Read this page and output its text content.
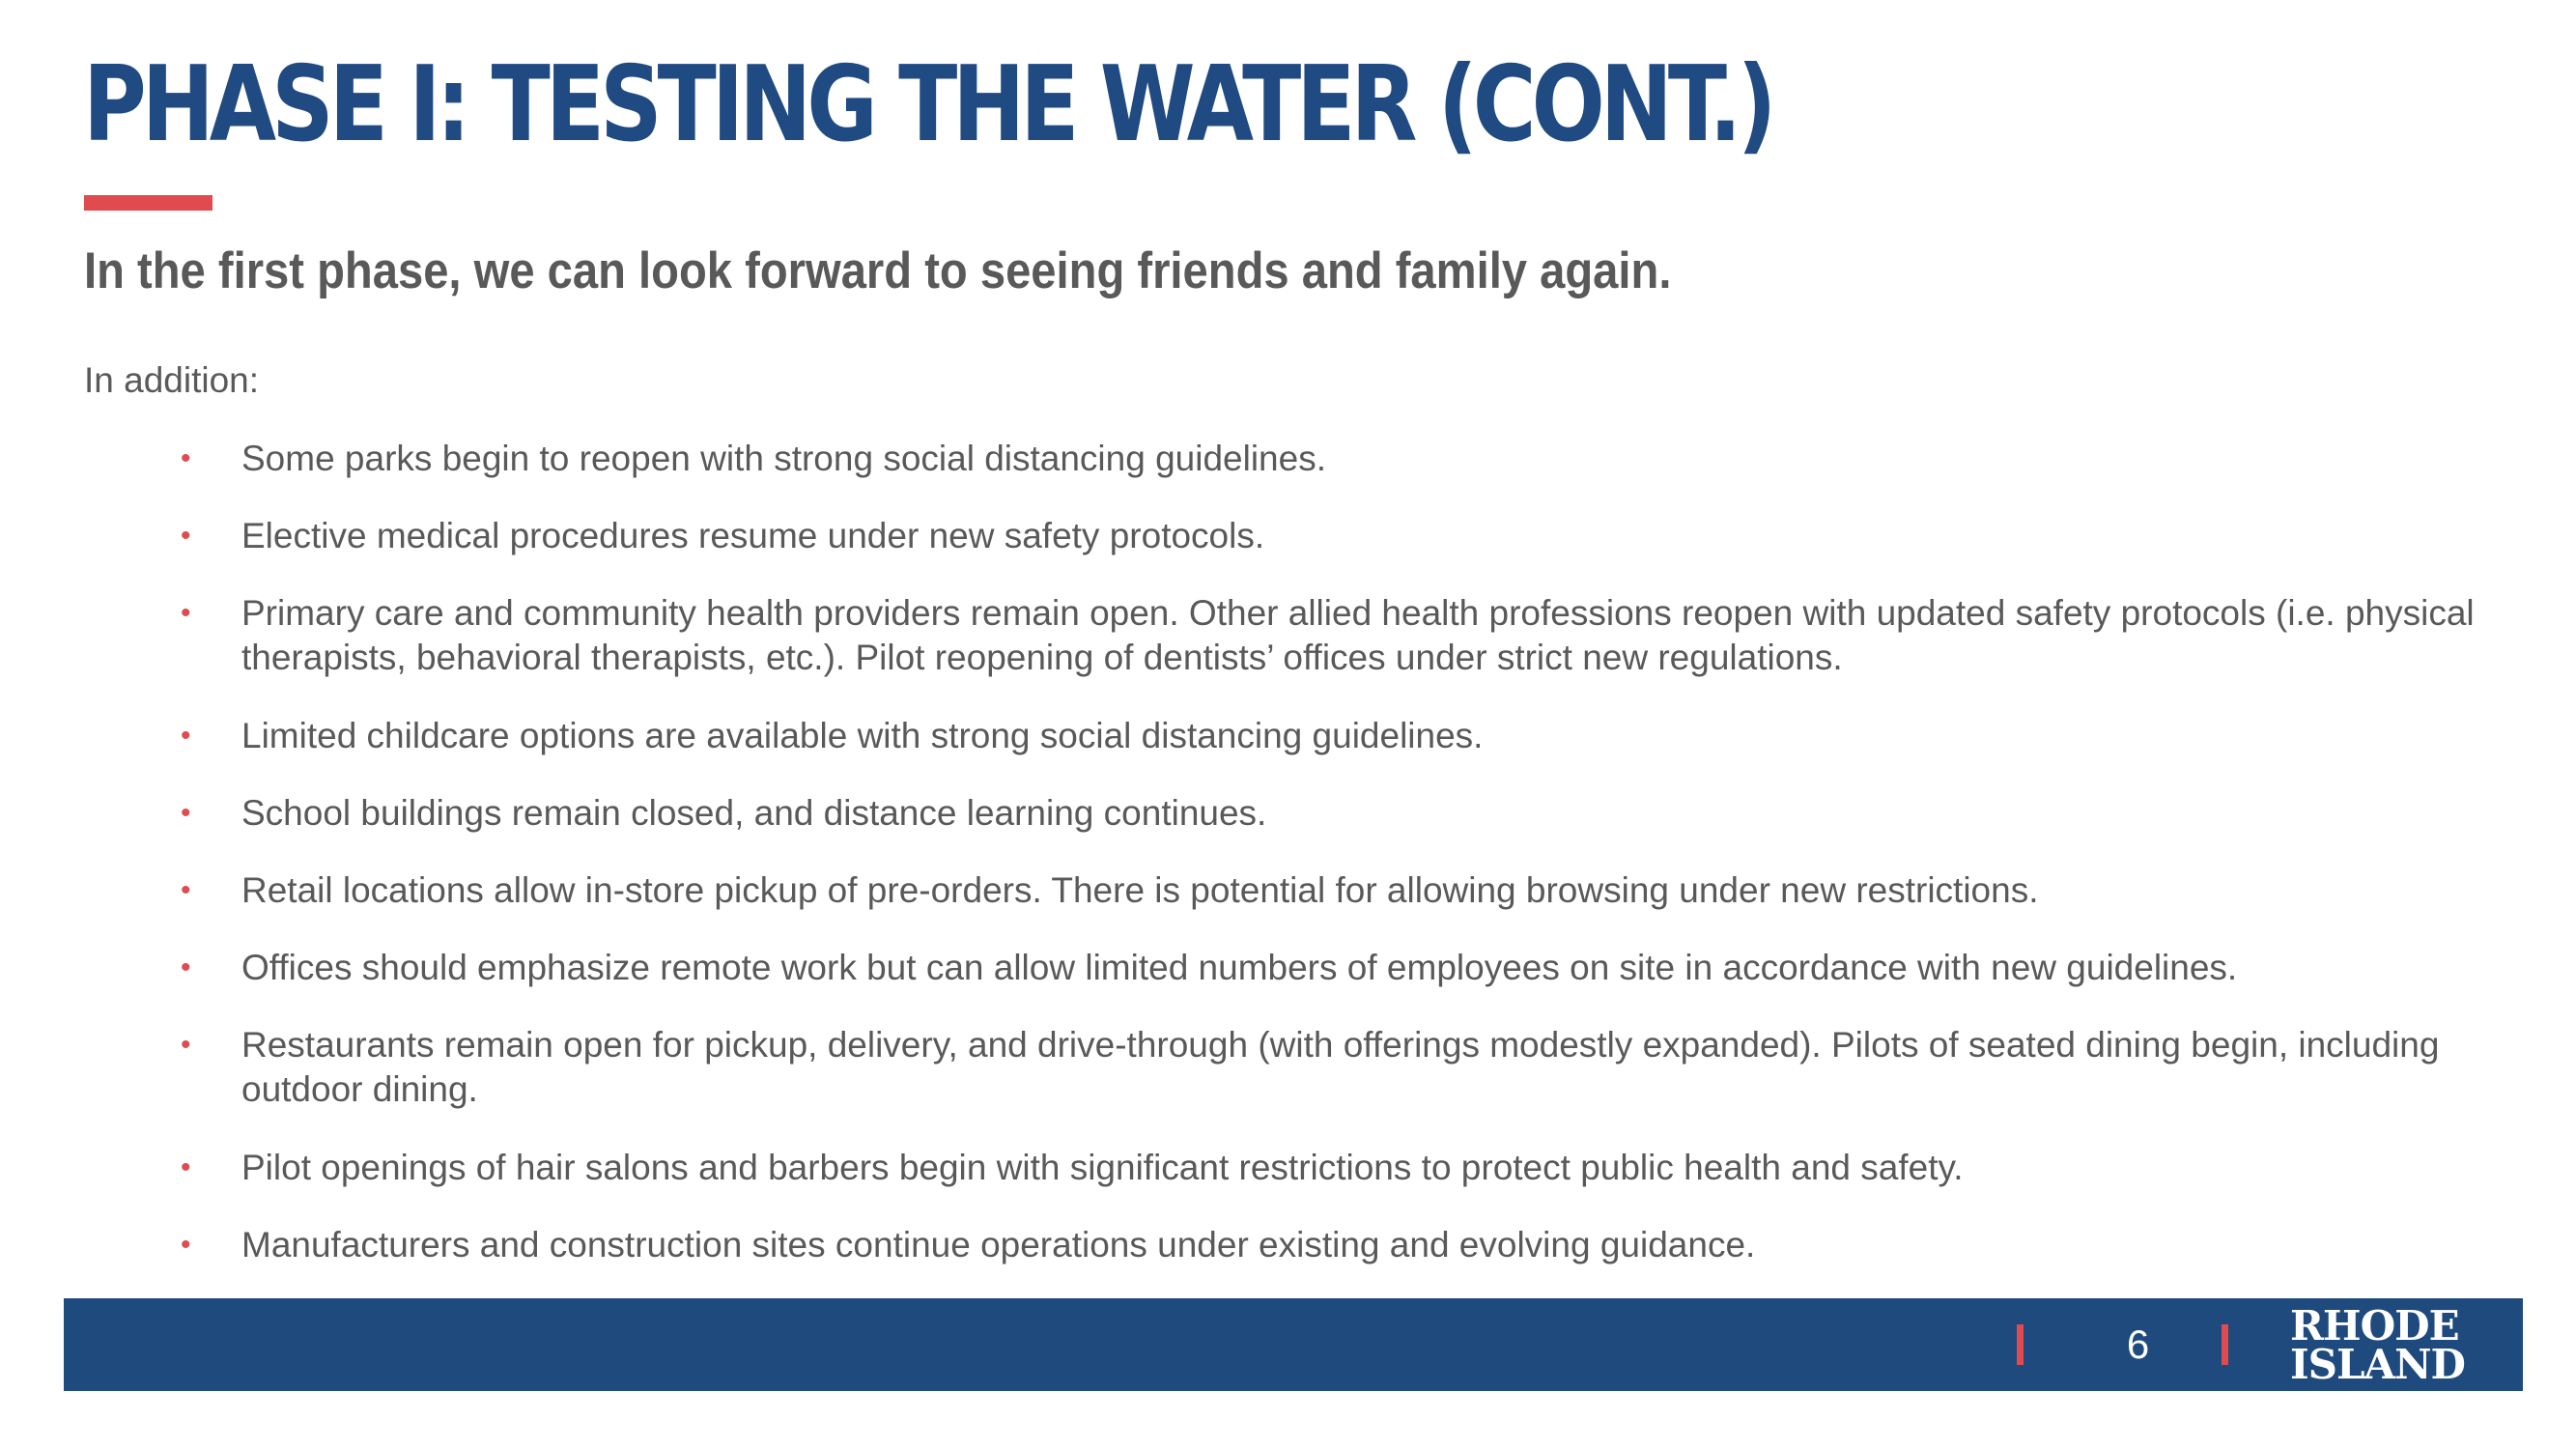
PHASE I: TESTING THE WATER (CONT.)
In the first phase, we can look forward to seeing friends and family again.

In addition:

• Some parks begin to reopen with strong social distancing guidelines.
• Elective medical procedures resume under new safety protocols.
• Primary care and community health providers remain open. Other allied health professions reopen with updated safety protocols (i.e. physical therapists, behavioral therapists, etc.). Pilot reopening of dentists’ offices under strict new regulations.
• Limited childcare options are available with strong social distancing guidelines.
• School buildings remain closed, and distance learning continues.
• Retail locations allow in-store pickup of pre-orders. There is potential for allowing browsing under new restrictions.
• Offices should emphasize remote work but can allow limited numbers of employees on site in accordance with new guidelines.
• Restaurants remain open for pickup, delivery, and drive-through (with offerings modestly expanded). Pilots of seated dining begin, including outdoor dining.
• Pilot openings of hair salons and barbers begin with significant restrictions to protect public health and safety.
• Manufacturers and construction sites continue operations under existing and evolving guidance.
6	RHODE
ISLAND
